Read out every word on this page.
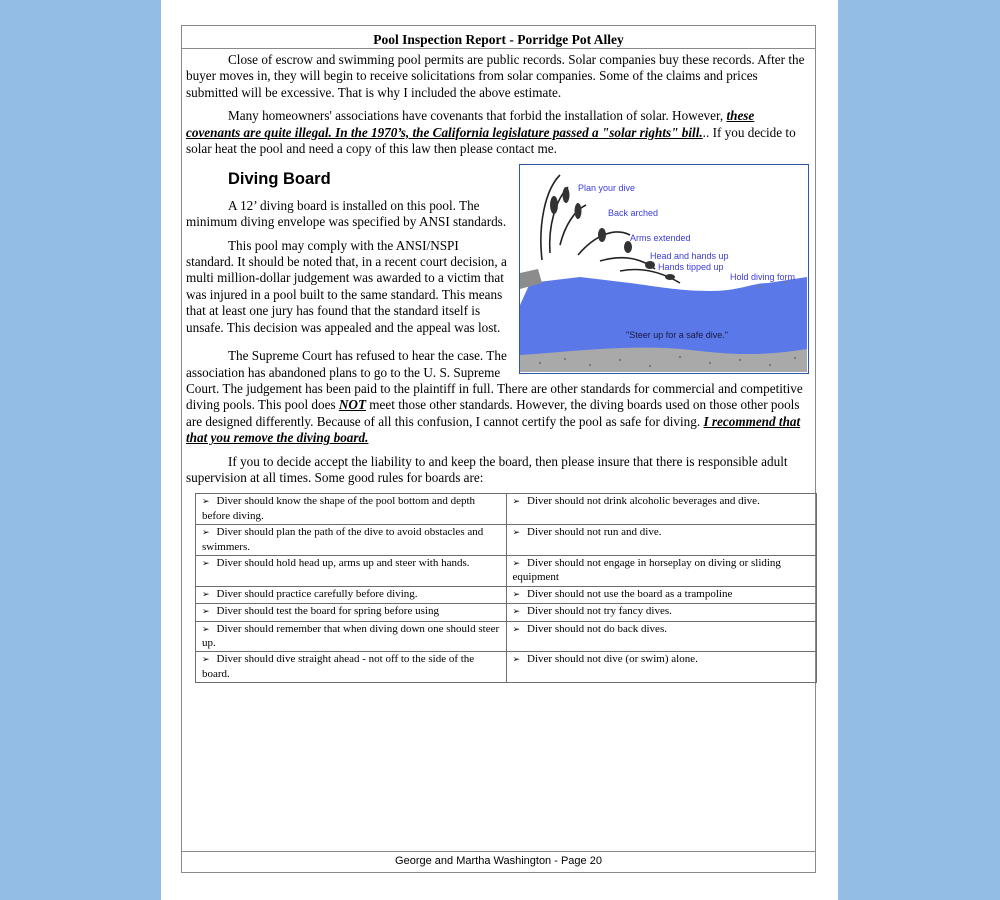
Pool Inspection Report - Porridge Pot Alley

Close of escrow and swimming pool permits are public records. Solar companies buy these records. After the buyer moves in, they will begin to receive solicitations from solar companies. Some of the claims and prices submitted will be excessive. That is why I included the above estimate.

Many homeowners' associations have covenants that forbid the installation of solar. However, these covenants are quite illegal. In the 1970’s, the California legislature passed a "solar rights" bill... If you decide to solar heat the pool and need a copy of this law then please contact me.

Plan your dive
Back arched
Arms extended
Head and hands up
Hands tipped up
Hold diving form
"Steer up for a safe dive."
Diving Board

A 12’ diving board is installed on this pool. The minimum diving envelope was specified by ANSI standards.

This pool may comply with the ANSI/NSPI standard. It should be noted that, in a recent court decision, a multi million-dollar judgement was awarded to a victim that was injured in a pool built to the same standard. This means that at least one jury has found that the standard itself is unsafe. This decision was appealed and the appeal was lost.

The Supreme Court has refused to hear the case. The association has abandoned plans to go to the U. S. Supreme Court. The judgement has been paid to the plaintiff in full. There are other standards for commercial and competitive diving pools. This pool does NOT meet those other standards. However, the diving boards used on those other pools are designed differently. Because of all this confusion, I cannot certify the pool as safe for diving. I recommend that that you remove the diving board.

If you to decide accept the liability to and keep the board, then please insure that there is responsible adult supervision at all times. Some good rules for boards are:

➢ Diver should know the shape of the pool bottom and depth before diving.	➢ Diver should not drink alcoholic beverages and dive.
➢ Diver should plan the path of the dive to avoid obstacles and swimmers.	➢ Diver should not run and dive.
➢ Diver should hold head up, arms up and steer with hands.	➢ Diver should not engage in horseplay on diving or sliding equipment
➢ Diver should practice carefully before diving.	➢ Diver should not use the board as a trampoline
➢ Diver should test the board for spring before using	➢ Diver should not try fancy dives.
➢ Diver should remember that when diving down one should steer up.	➢ Diver should not do back dives.
➢ Diver should dive straight ahead - not off to the side of the board.	➢ Diver should not dive (or swim) alone.
George and Martha Washington - Page 20
